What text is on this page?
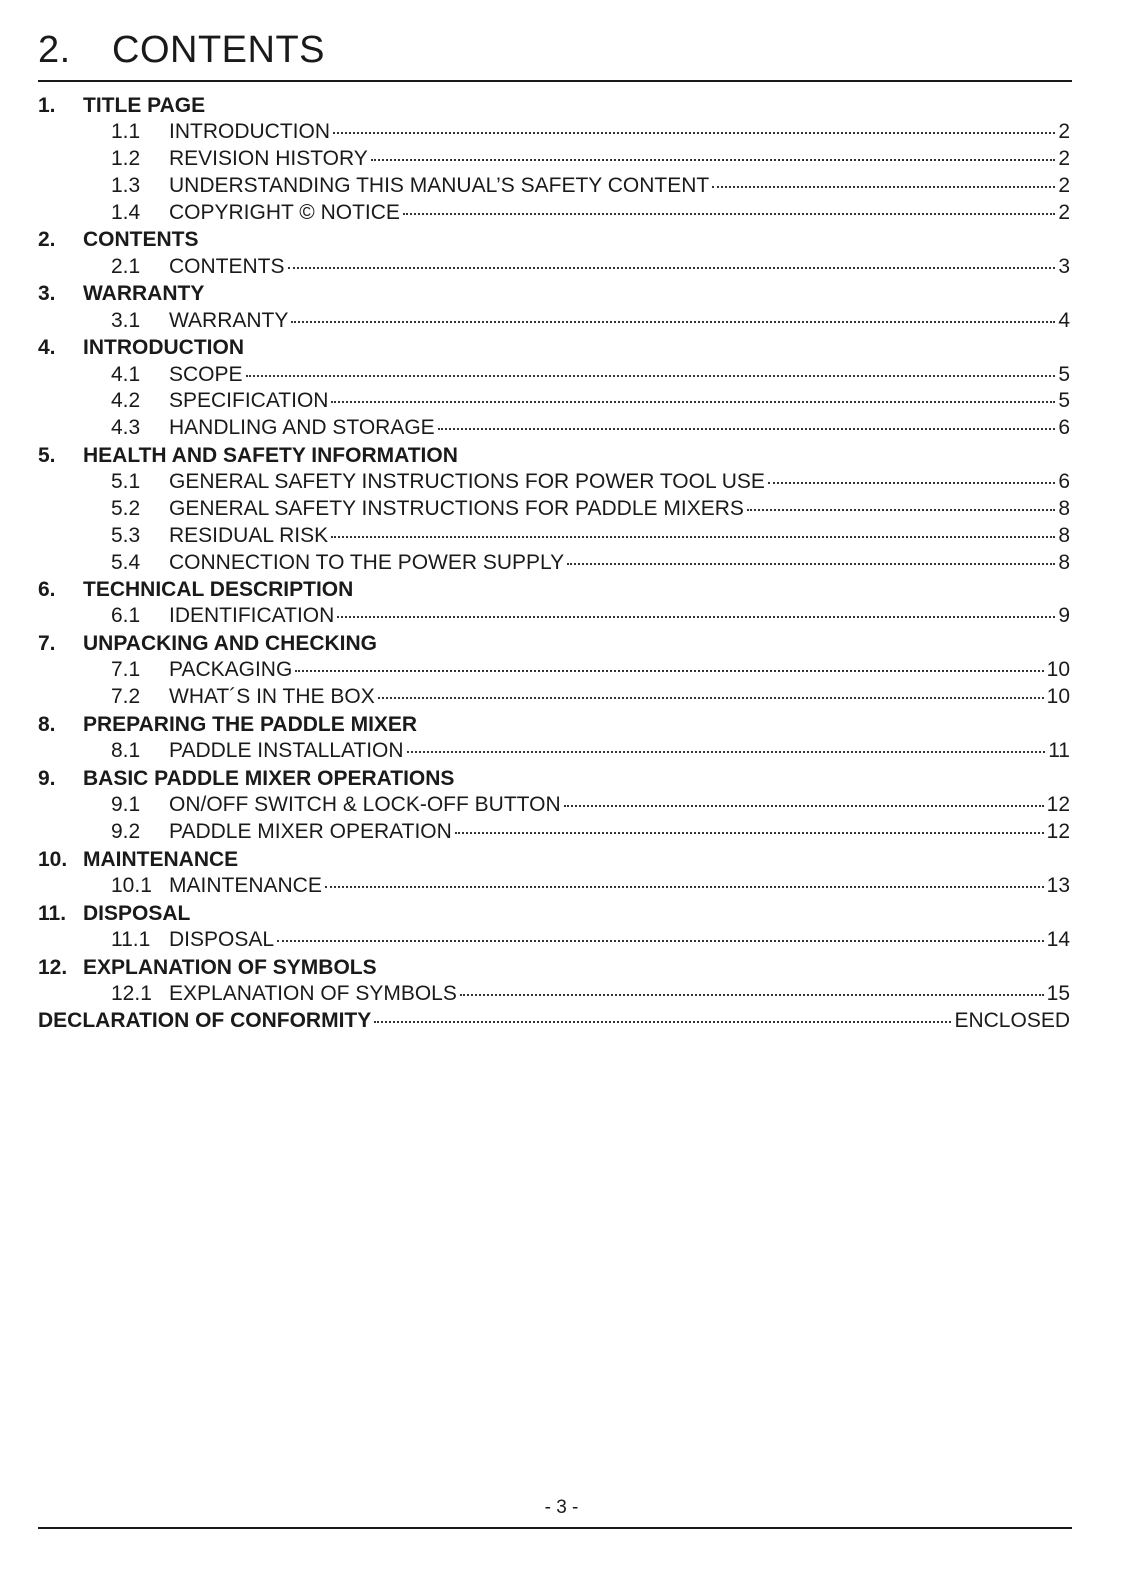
2. CONTENTS
1. TITLE PAGE
1.1	INTRODUCTION	2
1.2	REVISION HISTORY	2
1.3	UNDERSTANDING THIS MANUAL’S SAFETY CONTENT	2
1.4	COPYRIGHT © NOTICE	2
2. CONTENTS
2.1	CONTENTS	3
3. WARRANTY
3.1	WARRANTY	4
4. INTRODUCTION
4.1	SCOPE	5
4.2	SPECIFICATION	5
4.3	HANDLING AND STORAGE	6
5. HEALTH AND SAFETY INFORMATION
5.1	GENERAL SAFETY INSTRUCTIONS FOR POWER TOOL USE	6
5.2	GENERAL SAFETY INSTRUCTIONS FOR PADDLE MIXERS	8
5.3	RESIDUAL RISK	8
5.4	CONNECTION TO THE POWER SUPPLY	8
6. TECHNICAL DESCRIPTION
6.1	IDENTIFICATION	9
7. UNPACKING AND CHECKING
7.1	PACKAGING	10
7.2	WHAT´S IN THE BOX	10
8. PREPARING THE PADDLE MIXER
8.1	PADDLE INSTALLATION	11
9. BASIC PADDLE MIXER OPERATIONS
9.1	ON/OFF SWITCH & LOCK-OFF BUTTON	12
9.2	PADDLE MIXER OPERATION	12
10. MAINTENANCE
10.1 MAINTENANCE	13
11. DISPOSAL
11.1 DISPOSAL	14
12. EXPLANATION OF SYMBOLS
12.1 EXPLANATION OF SYMBOLS	15
DECLARATION OF CONFORMITY	ENCLOSED
- 3 -
